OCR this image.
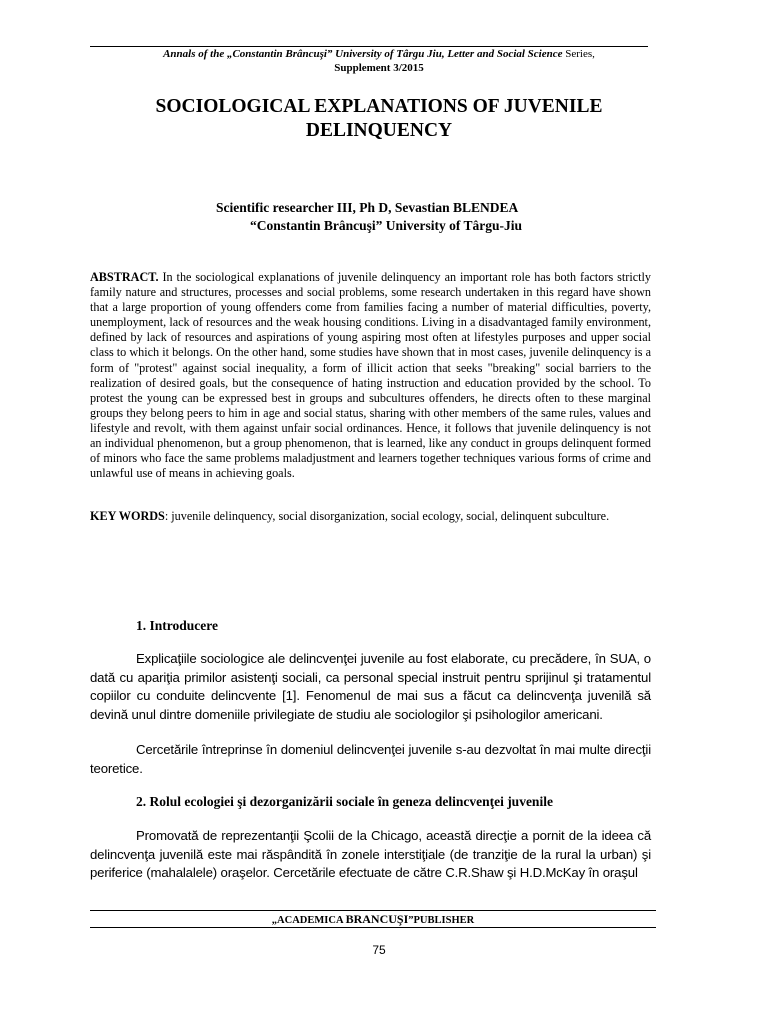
Annals of the „Constantin Brâncuşi” University of Târgu Jiu, Letter and Social Science Series,
Supplement 3/2015
SOCIOLOGICAL EXPLANATIONS OF JUVENILE
DELINQUENCY
Scientific researcher III, Ph D, Sevastian BLENDEA
“Constantin Brâncuşi” University of Târgu-Jiu
ABSTRACT. In the sociological explanations of juvenile delinquency an important role has both factors strictly family nature and structures, processes and social problems, some research undertaken in this regard have shown that a large proportion of young offenders come from families facing a number of material difficulties, poverty, unemployment, lack of resources and the weak housing conditions. Living in a disadvantaged family environment, defined by lack of resources and aspirations of young aspiring most often at lifestyles purposes and upper social class to which it belongs. On the other hand, some studies have shown that in most cases, juvenile delinquency is a form of "protest" against social inequality, a form of illicit action that seeks "breaking" social barriers to the realization of desired goals, but the consequence of hating instruction and education provided by the school. To protest the young can be expressed best in groups and subcultures offenders, he directs often to these marginal groups they belong peers to him in age and social status, sharing with other members of the same rules, values and lifestyle and revolt, with them against unfair social ordinances. Hence, it follows that juvenile delinquency is not an individual phenomenon, but a group phenomenon, that is learned, like any conduct in groups delinquent formed of minors who face the same problems maladjustment and learners together techniques various forms of crime and unlawful use of means in achieving goals.
KEY WORDS: juvenile delinquency, social disorganization, social ecology, social, delinquent subculture.
1. Introducere
Explicaţiile sociologice ale delincvenţei juvenile au fost elaborate, cu precădere, în SUA, o dată cu apariţia primilor asistenţi sociali, ca personal special instruit pentru sprijinul şi tratamentul copiilor cu conduite delincvente [1]. Fenomenul de mai sus a făcut ca delincvenţa juvenilă să devină unul dintre domeniile privilegiate de studiu ale sociologilor şi psihologilor americani.
Cercetările întreprinse în domeniul delincvenţei juvenile s-au dezvoltat în mai multe direcţii teoretice.
2. Rolul ecologiei şi dezorganizării sociale în geneza delincvenţei juvenile
Promovată de reprezentanţii Şcolii de la Chicago, această direcţie a pornit de la ideea că delincvenţa juvenilă este mai răspândită în zonele interstiţiale (de tranziţie de la rural la urban) şi periferice (mahalalele) oraşelor. Cercetările efectuate de către C.R.Shaw şi H.D.McKay în oraşul
„ACADEMICA BRANCUŞI”PUBLISHER
75
